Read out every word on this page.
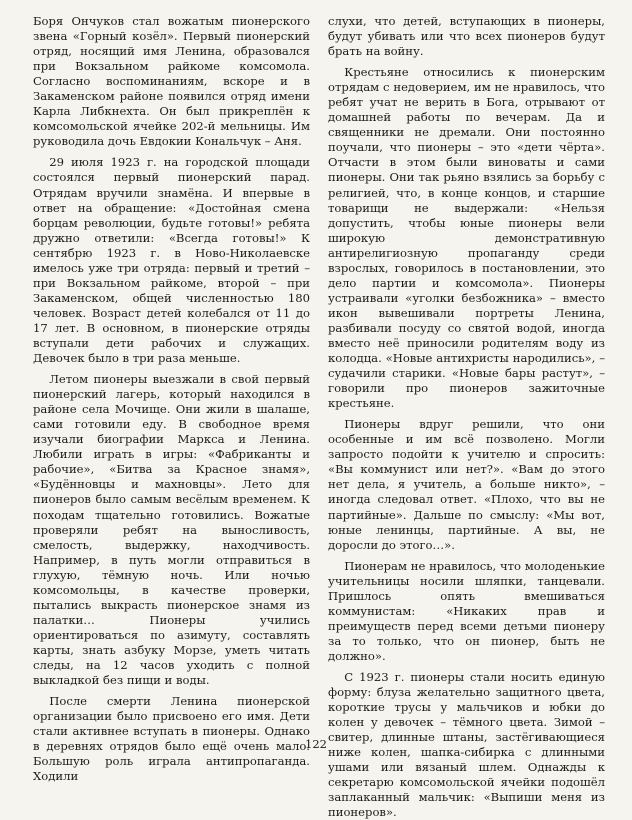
Боря Ончуков стал вожатым пионерского звена «Горный козёл». Первый пионерский отряд, носящий имя Ленина, образовался при Вокзальном райкоме комсомола. Согласно воспоминаниям, вскоре и в Закаменском районе появился отряд имени Карла Либкнехта. Он был прикреплён к комсомольской ячейке 202-й мельницы. Им руководила дочь Евдокии Кональчук – Аня.

29 июля 1923 г. на городской площади состоялся первый пионерский парад. Отрядам вручили знамёна. И впервые в ответ на обращение: «Достойная смена борцам революции, будьте готовы!» ребята дружно ответили: «Всегда готовы!» К сентябрю 1923 г. в Ново-Николаевске имелось уже три отряда: первый и третий – при Вокзальном райкоме, второй – при Закаменском, общей численностью 180 человек. Возраст детей колебался от 11 до 17 лет. В основном, в пионерские отряды вступали дети рабочих и служащих. Девочек было в три раза меньше.

Летом пионеры выезжали в свой первый пионерский лагерь, который находился в районе села Мочище. Они жили в шалаше, сами готовили еду. В свободное время изучали биографии Маркса и Ленина. Любили играть в игры: «Фабриканты и рабочие», «Битва за Красное знамя», «Будённовцы и махновцы». Лето для пионеров было самым весёлым временем. К походам тщательно готовились. Вожатые проверяли ребят на выносливость, смелость, выдержку, находчивость. Например, в путь могли отправиться в глухую, тёмную ночь. Или ночью комсомольцы, в качестве проверки, пытались выкрасть пионерское знамя из палатки… Пионеры учились ориентироваться по азимуту, составлять карты, знать азбуку Морзе, уметь читать следы, на 12 часов уходить с полной выкладкой без пищи и воды.

После смерти Ленина пионерской организации было присвоено его имя. Дети стали активнее вступать в пионеры. Однако в деревнях отрядов было ещё очень мало. Большую роль играла антипропаганда. Ходили

слухи, что детей, вступающих в пионеры, будут убивать или что всех пионеров будут брать на войну.

Крестьяне относились к пионерским отрядам с недоверием, им не нравилось, что ребят учат не верить в Бога, отрывают от домашней работы по вечерам. Да и священники не дремали. Они постоянно поучали, что пионеры – это «дети чёрта». Отчасти в этом были виноваты и сами пионеры. Они так рьяно взялись за борьбу с религией, что, в конце концов, и старшие товарищи не выдержали: «Нельзя допустить, чтобы юные пионеры вели широкую демонстративную антирелигиозную пропаганду среди взрослых, говорилось в постановлении, это дело партии и комсомола». Пионеры устраивали «уголки безбожника» – вместо икон вывешивали портреты Ленина, разбивали посуду со святой водой, иногда вместо неё приносили родителям воду из колодца. «Новые антихристы народились», – судачили старики. «Новые бары растут», – говорили про пионеров зажиточные крестьяне.

Пионеры вдруг решили, что они особенные и им всё позволено. Могли запросто подойти к учителю и спросить: «Вы коммунист или нет?». «Вам до этого нет дела, я учитель, а больше никто», – иногда следовал ответ. «Плохо, что вы не партийные». Дальше по смыслу: «Мы вот, юные ленинцы, партийные. А вы, не доросли до этого…».

Пионерам не нравилось, что молоденькие учительницы носили шляпки, танцевали. Пришлось опять вмешиваться коммунистам: «Никаких прав и преимуществ перед всеми детьми пионеру за то только, что он пионер, быть не должно».

С 1923 г. пионеры стали носить единую форму: блуза желательно защитного цвета, короткие трусы у мальчиков и юбки до колен у девочек – тёмного цвета. Зимой – свитер, длинные штаны, застёгивающиеся ниже колен, шапка-сибирка с длинными ушами или вязаный шлем. Однажды к секретарю комсомольской ячейки подошёл заплаканный мальчик: «Выпиши меня из пионеров».

122
